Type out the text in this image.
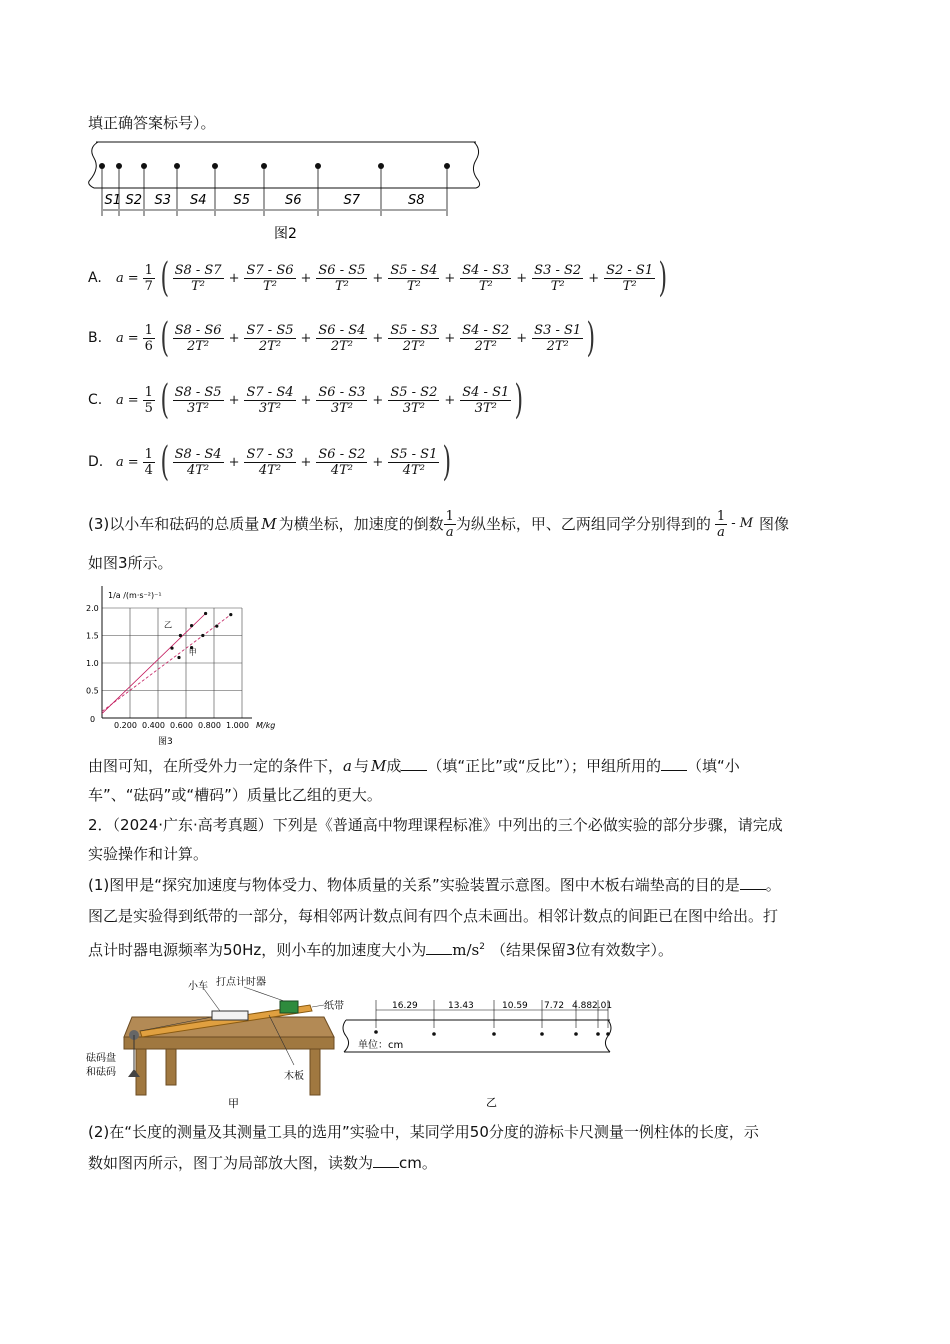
填正确答案标号）。
S1 S2 S3 S4 S5	S6	S7	S8
图2
A.	$a = \frac{1}{7}$ ( $\frac{S8 - S7}{\text{T²}} + \frac{S7 - S6}{\text{T²}} + \frac{S6 - S5}{\text{T²}} + \frac{S5 - S4}{\text{T²}} + \frac{S4 - S3}{\text{T²}} + \frac{S3 - S2}{\text{T²}} + \frac{S2 - S1}{\text{T²}}$ )
B.	$a = \frac{1}{6}$ ( $\frac{S8 - S6}{\text{2T²}} + \frac{S7 - S5}{\text{2T²}} + \frac{S6 - S4}{\text{2T²}} + \frac{S5 - S3}{\text{2T²}} + \frac{S4 - S2}{\text{2T²}} + \frac{S3 - S1}{\text{2T²}}$ )
C.	$a = \frac{1}{5}$ ( $\frac{S8 - S5}{\text{3T²}} + \frac{S7 - S4}{\text{3T²}} + \frac{S6 - S3}{\text{3T²}} + \frac{S5 - S2}{\text{3T²}} + \frac{S4 - S1}{\text{3T²}}$ )
D. $a = \frac{1}{4}$ ( $\frac{S8 - S4}{\text{4T²}} + \frac{S7 - S3}{\text{4T²}} + \frac{S6 - S2}{\text{4T²}} + \frac{S5 - S1}{\text{4T²}}$ )
(3)以小车和砝码的总质量 M 为横坐标，加速度的倒数 $\frac{1}{a}$ 为纵坐标，甲、乙两组同学分别得到的 $\frac{1}{a}$ - M 图像
如图3所示。
0.200 0.400 0.600 0.800 1.000
0.5
1.0
1.5
2.0
0
M/kg
1/a /(m·s⁻²)⁻¹
图3
乙
甲
由图可知，在所受外力一定的条件下，a 与 M成 （填“正比”或“反比”）；甲组所用的 （填“小
车”、“砝码”或“槽码”）质量比乙组的更大。
2．（2024·广东·高考真题）下列是《普通高中物理课程标准》中列出的三个必做实验的部分步骤，请完成
实验操作和计算。
(1)图甲是“探究加速度与物体受力、物体质量的关系”实验装置示意图。图中木板右端垫高的目的是 。
图乙是实验得到纸带的一部分，每相邻两计数点间有四个点未画出。相邻计数点的间距已在图中给出。打
点计时器电源频率为50Hz，则小车的加速度大小为 $m/s^2$ （结果保留3位有效数字）。
小车 打点计时器
纸带
砝码盘
和砝码	木板
甲
单位：cm
乙
16.29	13.43	10.59 7.72 4.88 2.01
(2)在“长度的测量及其测量工具的选用”实验中，某同学用50分度的游标卡尺测量一例柱体的长度，示
数如图丙所示，图丁为局部放大图，读数为 cm。
